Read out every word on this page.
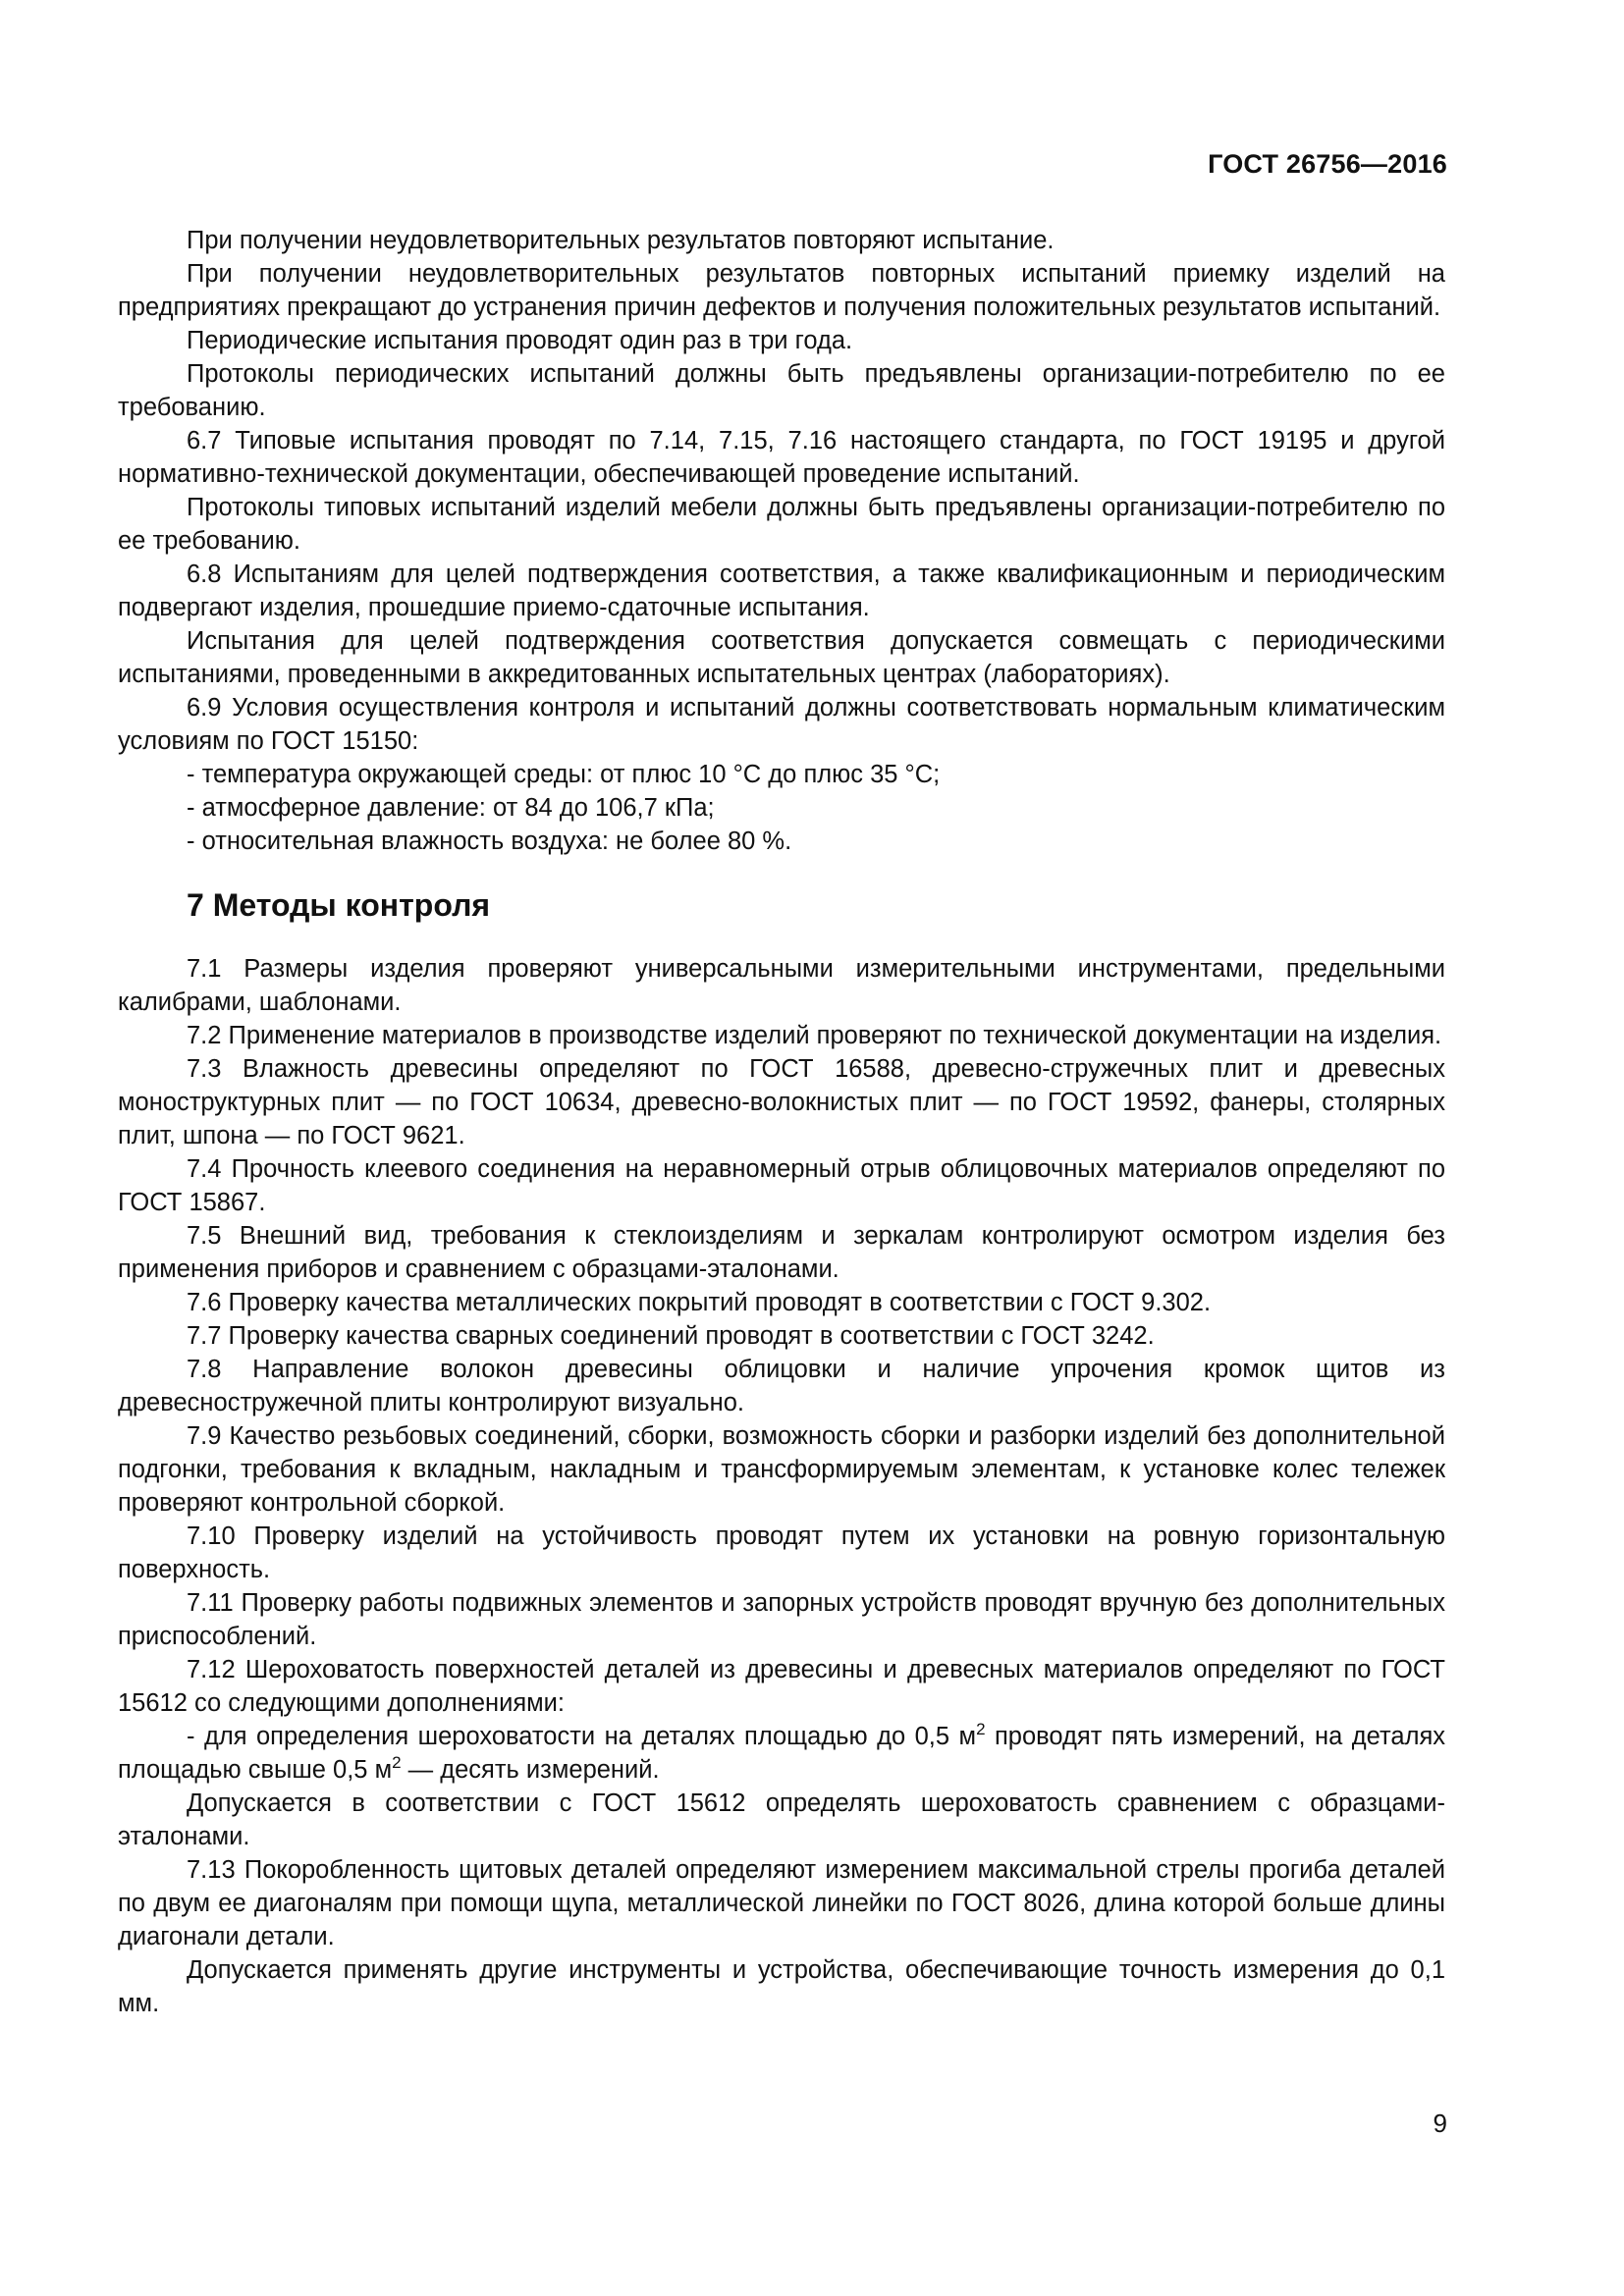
ГОСТ 26756—2016

При получении неудовлетворительных результатов повторяют испытание.

При получении неудовлетворительных результатов повторных испытаний приемку изделий на предприятиях прекращают до устранения причин дефектов и получения положительных результатов испытаний.

Периодические испытания проводят один раз в три года.

Протоколы периодических испытаний должны быть предъявлены организации-потребителю по ее требованию.

6.7 Типовые испытания проводят по 7.14, 7.15, 7.16 настоящего стандарта, по ГОСТ 19195 и другой нормативно-технической документации, обеспечивающей проведение испытаний.

Протоколы типовых испытаний изделий мебели должны быть предъявлены организации-потребителю по ее требованию.

6.8 Испытаниям для целей подтверждения соответствия, а также квалификационным и периодическим подвергают изделия, прошедшие приемо-сдаточные испытания.

Испытания для целей подтверждения соответствия допускается совмещать с периодическими испытаниями, проведенными в аккредитованных испытательных центрах (лабораториях).

6.9 Условия осуществления контроля и испытаний должны соответствовать нормальным климатическим условиям по ГОСТ 15150:

- температура окружающей среды: от плюс 10 °С до плюс 35 °С;

- атмосферное давление: от 84 до 106,7 кПа;

- относительная влажность воздуха: не более 80 %.

7 Методы контроля

7.1 Размеры изделия проверяют универсальными измерительными инструментами, предельными калибрами, шаблонами.

7.2 Применение материалов в производстве изделий проверяют по технической документации на изделия.

7.3 Влажность древесины определяют по ГОСТ 16588, древесно-стружечных плит и древесных моноструктурных плит — по ГОСТ 10634, древесно-волокнистых плит — по ГОСТ 19592, фанеры, столярных плит, шпона — по ГОСТ 9621.

7.4 Прочность клеевого соединения на неравномерный отрыв облицовочных материалов определяют по ГОСТ 15867.

7.5 Внешний вид, требования к стеклоизделиям и зеркалам контролируют осмотром изделия без применения приборов и сравнением с образцами-эталонами.

7.6 Проверку качества металлических покрытий проводят в соответствии с ГОСТ 9.302.

7.7 Проверку качества сварных соединений проводят в соответствии с ГОСТ 3242.

7.8 Направление волокон древесины облицовки и наличие упрочения кромок щитов из древесностружечной плиты контролируют визуально.

7.9 Качество резьбовых соединений, сборки, возможность сборки и разборки изделий без дополнительной подгонки, требования к вкладным, накладным и трансформируемым элементам, к установке колес тележек проверяют контрольной сборкой.

7.10 Проверку изделий на устойчивость проводят путем их установки на ровную горизонтальную поверхность.

7.11 Проверку работы подвижных элементов и запорных устройств проводят вручную без дополнительных приспособлений.

7.12 Шероховатость поверхностей деталей из древесины и древесных материалов определяют по ГОСТ 15612 со следующими дополнениями:

- для определения шероховатости на деталях площадью до 0,5 $м^2$ проводят пять измерений, на деталях площадью свыше 0,5 $м^2$ — десять измерений.

Допускается в соответствии с ГОСТ 15612 определять шероховатость сравнением с образцами-эталонами.

7.13 Покоробленность щитовых деталей определяют измерением максимальной стрелы прогиба деталей по двум ее диагоналям при помощи щупа, металлической линейки по ГОСТ 8026, длина которой больше длины диагонали детали.

Допускается применять другие инструменты и устройства, обеспечивающие точность измерения до 0,1 мм.

9
